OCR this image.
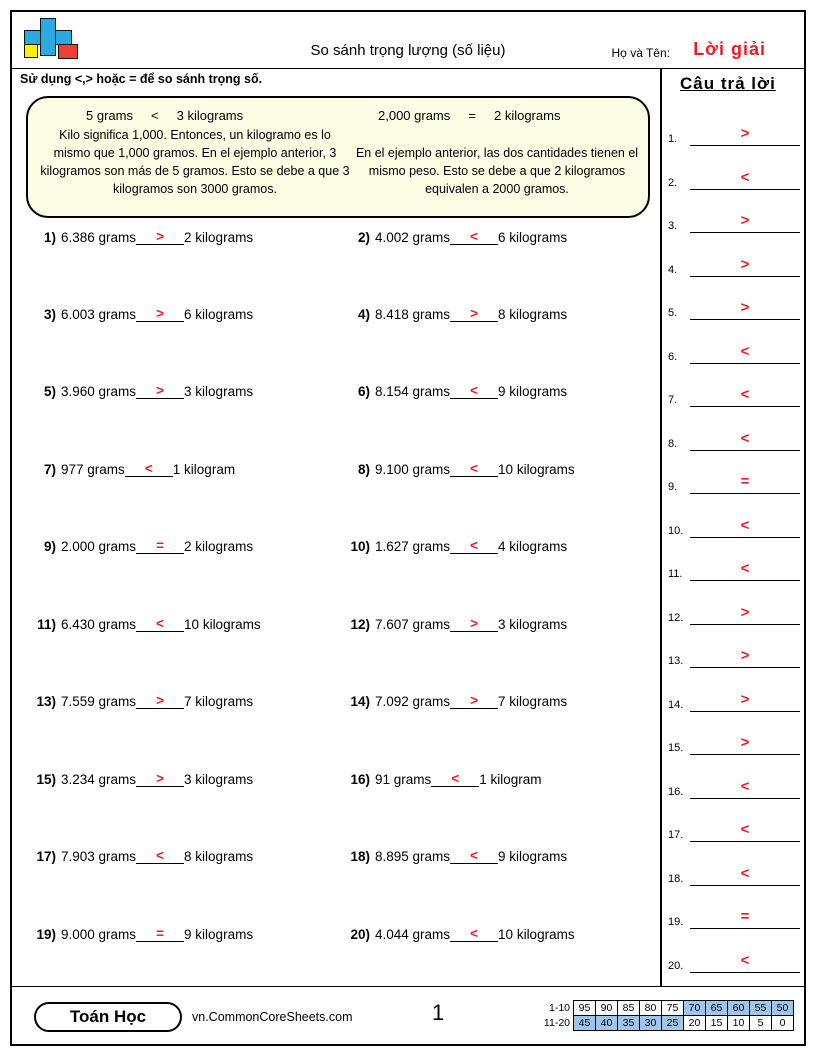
So sánh trọng lượng (số liệu)	Họ và Tên: Lời giải
Sử dụng <,> hoặc = để so sánh trọng số.
5 grams     <     3 kilograms	2,000 grams     =     2 kilograms
Kilo significa 1,000. Entonces, un kilogramo es lo mismo que 1,000 gramos. En el ejemplo anterior, 3 kilogramos son más de 5 gramos. Esto se debe a que 3 kilogramos son 3000 gramos.
En el ejemplo anterior, las dos cantidades tienen el mismo peso. Esto se debe a que 2 kilogramos equivalen a 2000 gramos.
1) 6.386 grams > 2 kilograms	2) 4.002 grams < 6 kilograms
3) 6.003 grams > 6 kilograms	4) 8.418 grams > 8 kilograms
5) 3.960 grams > 3 kilograms	6) 8.154 grams < 9 kilograms
7) 977 grams < 1 kilogram	8) 9.100 grams < 10 kilograms
9) 2.000 grams = 2 kilograms	10) 1.627 grams < 4 kilograms
11) 6.430 grams < 10 kilograms	12) 7.607 grams > 3 kilograms
13) 7.559 grams > 7 kilograms	14) 7.092 grams > 7 kilograms
15) 3.234 grams > 3 kilograms	16) 91 grams < 1 kilogram
17) 7.903 grams < 8 kilograms	18) 8.895 grams < 9 kilograms
19) 9.000 grams = 9 kilograms	20) 4.044 grams < 10 kilograms
Câu trả lời
1.	>
2.	<
3.	>
4.	>
5.	>
6.	<
7.	<
8.	<
9.	=
10.	<
11.	<
12.	>
13.	>
14.	>
15.	>
16.	<
17.	<
18.	<
19.	=
20.	<
Toán Học	vn.CommonCoreSheets.com	1	1-10	95	90	85	80	75	70	65	60	55	50
11-20	45	40	35	30	25	20	15	10	5	0
